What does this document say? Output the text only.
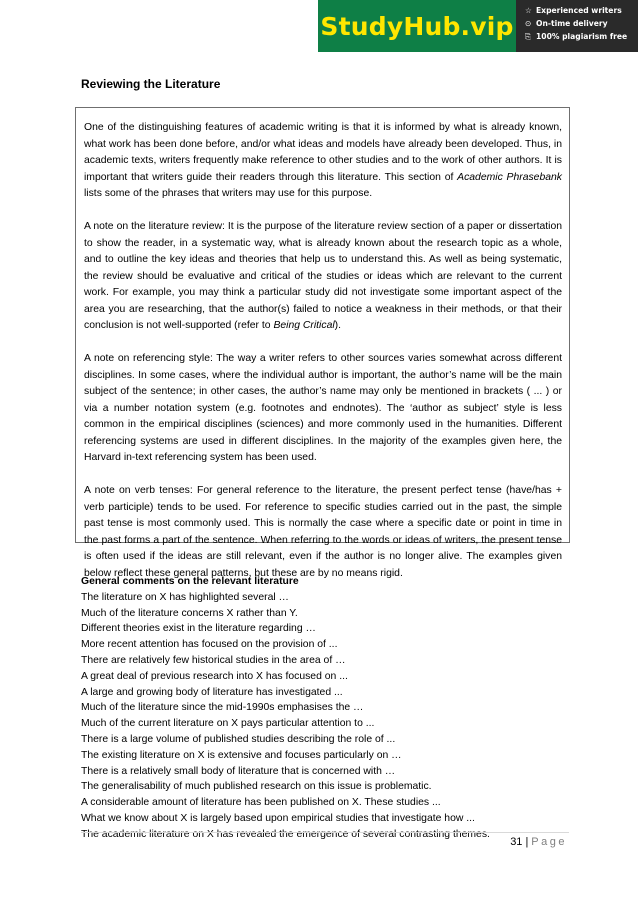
StudyHub.vip
☆ Experienced writers
⊙ On-time delivery
⎘ 100% plagiarism free
Reviewing the Literature

One of the distinguishing features of academic writing is that it is informed by what is already known, what work has been done before, and/or what ideas and models have already been developed. Thus, in academic texts, writers frequently make reference to other studies and to the work of other authors. It is important that writers guide their readers through this literature. This section of Academic Phrasebank lists some of the phrases that writers may use for this purpose.

A note on the literature review: It is the purpose of the literature review section of a paper or dissertation to show the reader, in a systematic way, what is already known about the research topic as a whole, and to outline the key ideas and theories that help us to understand this. As well as being systematic, the review should be evaluative and critical of the studies or ideas which are relevant to the current work. For example, you may think a particular study did not investigate some important aspect of the area you are researching, that the author(s) failed to notice a weakness in their methods, or that their conclusion is not well-supported (refer to Being Critical).

A note on referencing style: The way a writer refers to other sources varies somewhat across different disciplines. In some cases, where the individual author is important, the author’s name will be the main subject of the sentence; in other cases, the author’s name may only be mentioned in brackets ( ... ) or via a number notation system (e.g. footnotes and endnotes). The ‘author as subject’ style is less common in the empirical disciplines (sciences) and more commonly used in the humanities. Different referencing systems are used in different disciplines. In the majority of the examples given here, the Harvard in-text referencing system has been used.

A note on verb tenses: For general reference to the literature, the present perfect tense (have/has + verb participle) tends to be used. For reference to specific studies carried out in the past, the simple past tense is most commonly used. This is normally the case where a specific date or point in time in the past forms a part of the sentence. When referring to the words or ideas of writers, the present tense is often used if the ideas are still relevant, even if the author is no longer alive. The examples given below reflect these general patterns, but these are by no means rigid.

General comments on the relevant literature
The literature on X has highlighted several …
Much of the literature concerns X rather than Y.
Different theories exist in the literature regarding …
More recent attention has focused on the provision of ...
There are relatively few historical studies in the area of …
A great deal of previous research into X has focused on ...
A large and growing body of literature has investigated ...
Much of the literature since the mid-1990s emphasises the …
Much of the current literature on X pays particular attention to ...
There is a large volume of published studies describing the role of ...
The existing literature on X is extensive and focuses particularly on …
There is a relatively small body of literature that is concerned with …
The generalisability of much published research on this issue is problematic.
A considerable amount of literature has been published on X. These studies ...
What we know about X is largely based upon empirical studies that investigate how ...
The academic literature on X has revealed the emergence of several contrasting themes.
31 | Page
